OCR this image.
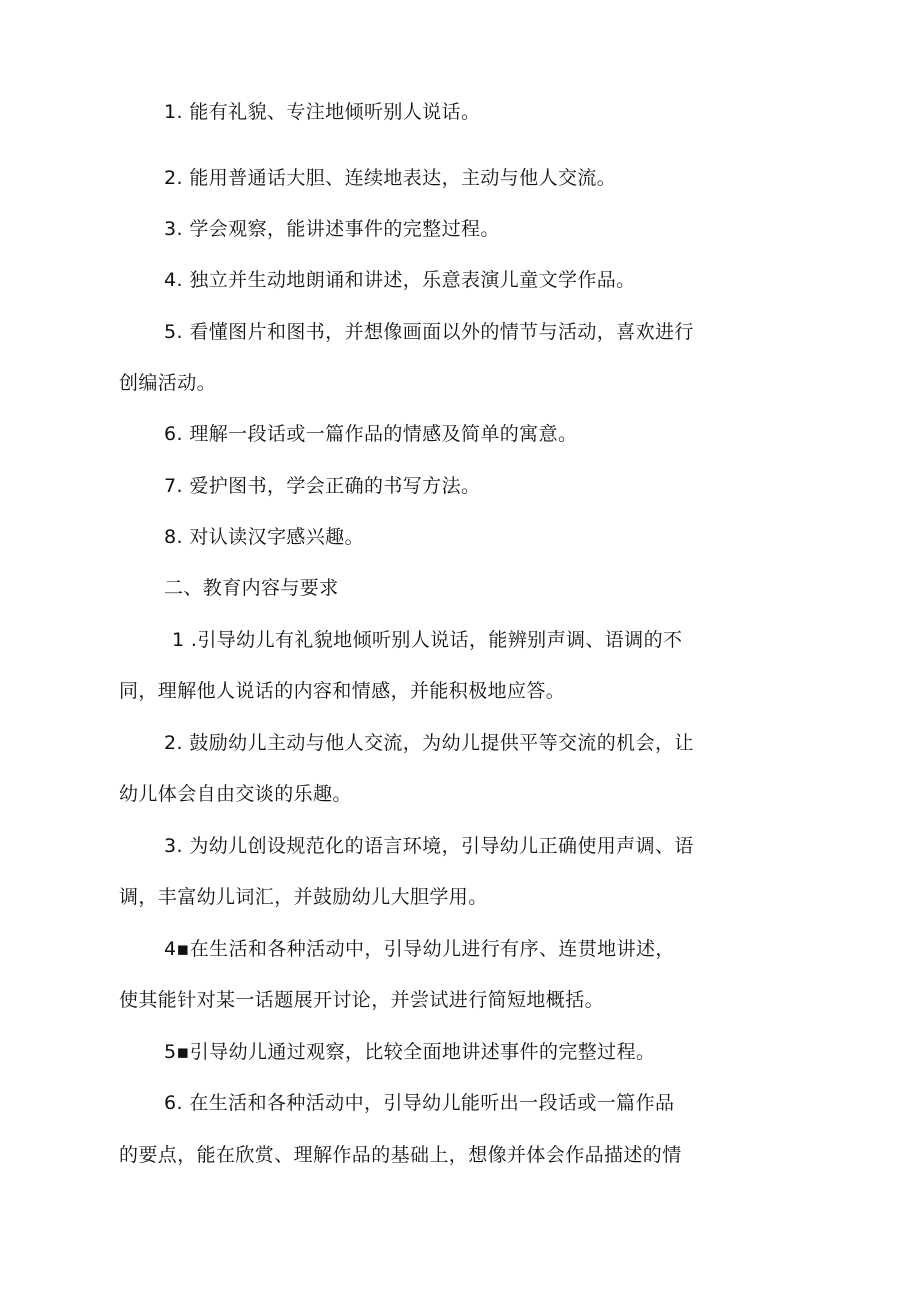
1. 能有礼貌、专注地倾听别人说话。
2. 能用普通话大胆、连续地表达，主动与他人交流。
3. 学会观察，能讲述事件的完整过程。
4. 独立并生动地朗诵和讲述，乐意表演儿童文学作品。
5. 看懂图片和图书，并想像画面以外的情节与活动，喜欢进行
创编活动。
6. 理解一段话或一篇作品的情感及简单的寓意。
7. 爱护图书，学会正确的书写方法。
8. 对认读汉字感兴趣。
二、教育内容与要求
1 .引导幼儿有礼貌地倾听别人说话，能辨别声调、语调的不
同，理解他人说话的内容和情感，并能积极地应答。
2. 鼓励幼儿主动与他人交流，为幼儿提供平等交流的机会，让
幼儿体会自由交谈的乐趣。
3. 为幼儿创设规范化的语言环境，引导幼儿正确使用声调、语
调，丰富幼儿词汇，并鼓励幼儿大胆学用。
4▪在生活和各种活动中，引导幼儿进行有序、连贯地讲述，
使其能针对某一话题展开讨论，并尝试进行简短地概括。
5▪引导幼儿通过观察，比较全面地讲述事件的完整过程。
6. 在生活和各种活动中，引导幼儿能听出一段话或一篇作品
的要点，能在欣赏、理解作品的基础上，想像并体会作品描述的情
